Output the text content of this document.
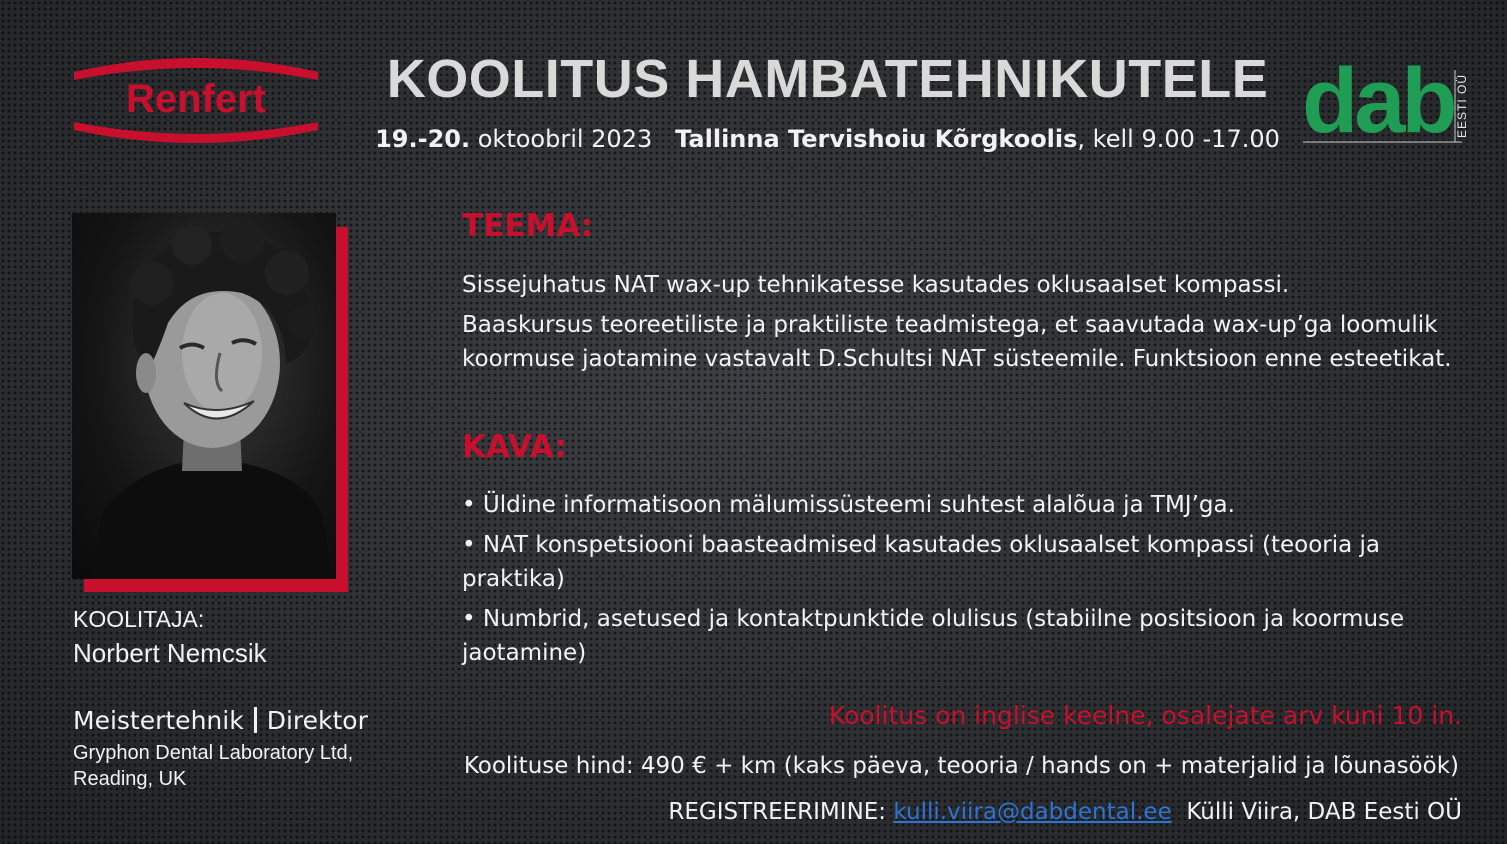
Renfert	KOOLITUS HAMBATEHNIKUTELE
19.-20. oktoobril 2023 Tallinna Tervishoiu Kõrgkoolis, kell 9.00 -17.00 dab EESTI OÜ
KOOLITAJA:
Norbert Nemcsik
Meistertehnik Direktor
Gryphon Dental Laboratory Ltd,
Reading, UK
TEEMA:
Sissejuhatus NAT wax-up tehnikatesse kasutades oklusaalset kompassi.
Baaskursus teoreetiliste ja praktiliste teadmistega, et saavutada wax-up’ga loomulik koormuse jaotamine vastavalt D.Schultsi NAT süsteemile. Funktsioon enne esteetikat.
KAVA:
• Üldine informatisoon mälumissüsteemi suhtest alalõua ja TMJ’ga.
• NAT konspetsiooni baasteadmised kasutades oklusaalset kompassi (teooria ja praktika)
• Numbrid, asetused ja kontaktpunktide olulisus (stabiilne positsioon ja koormuse jaotamine)
Koolitus on inglise keelne, osalejate arv kuni 10 in.
Koolituse hind: 490 € + km (kaks päeva, teooria / hands on + materjalid ja lõunasöök)
REGISTREERIMINE: kulli.viira@dabdental.ee  Külli Viira, DAB Eesti OÜ
